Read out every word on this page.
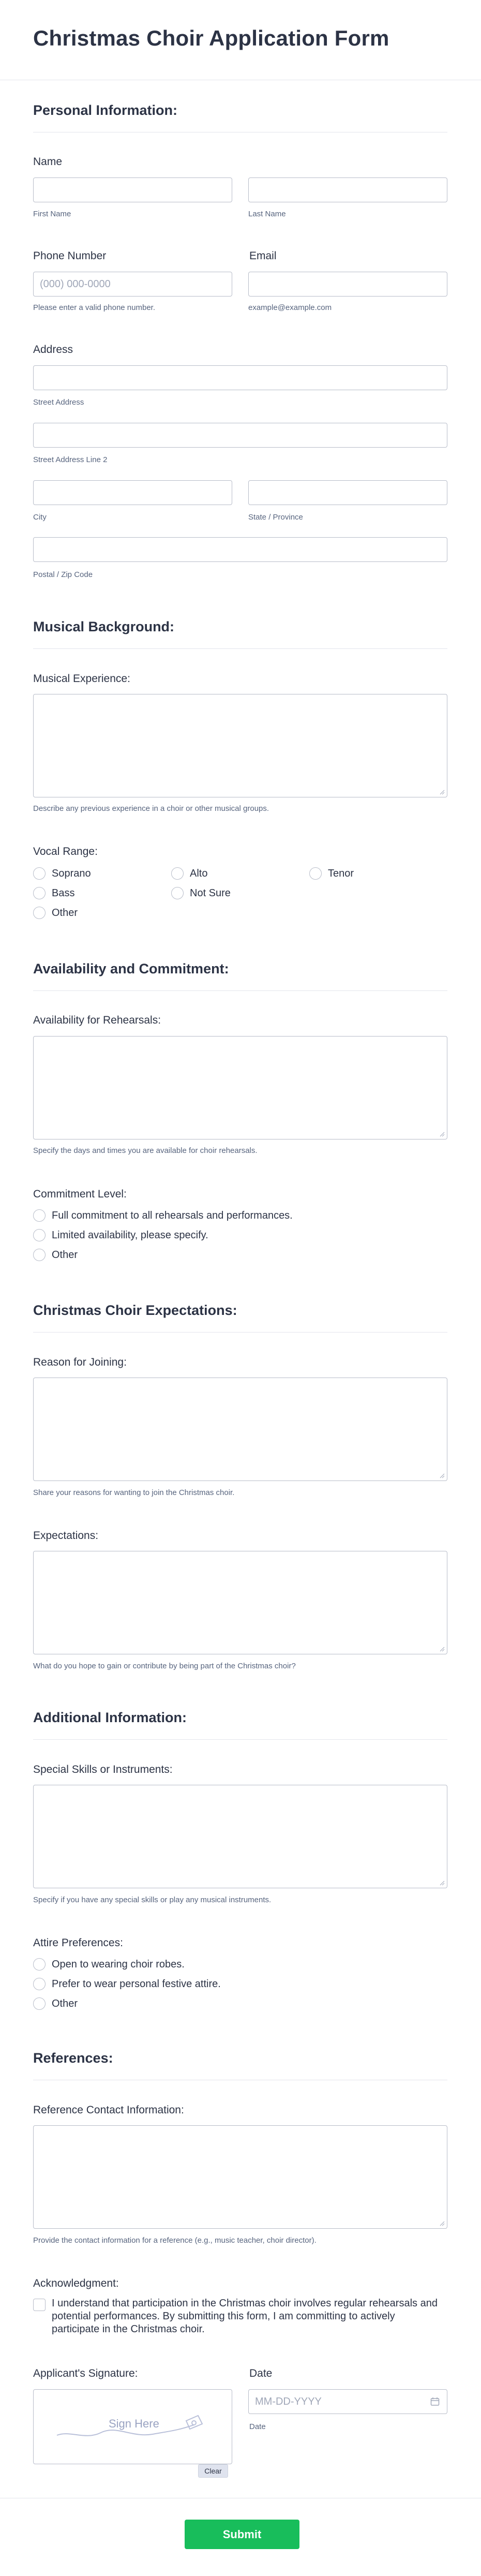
Christmas Choir Application Form
Personal Information:
Name
First Name	Last Name
Phone Number	Email
(000) 000-0000
Please enter a valid phone number.	example@example.com
Address
Street Address
Street Address Line 2
City	State / Province
Postal / Zip Code
Musical Background:
Musical Experience:
Describe any previous experience in a choir or other musical groups.
Vocal Range:
Soprano	Alto	Tenor
Bass	Not Sure
Other
Availability and Commitment:
Availability for Rehearsals:
Specify the days and times you are available for choir rehearsals.
Commitment Level:
Full commitment to all rehearsals and performances.
Limited availability, please specify.
Other
Christmas Choir Expectations:
Reason for Joining:
Share your reasons for wanting to join the Christmas choir.
Expectations:
What do you hope to gain or contribute by being part of the Christmas choir?
Additional Information:
Special Skills or Instruments:
Specify if you have any special skills or play any musical instruments.
Attire Preferences:
Open to wearing choir robes.
Prefer to wear personal festive attire.
Other
References:
Reference Contact Information:
Provide the contact information for a reference (e.g., music teacher, choir director).
Acknowledgment:
I understand that participation in the Christmas choir involves regular rehearsals and potential performances. By submitting this form, I am committing to actively participate in the Christmas choir.
Applicant's Signature:	Date
Sign Here
Clear
MM-DD-YYYY
Date
Submit
